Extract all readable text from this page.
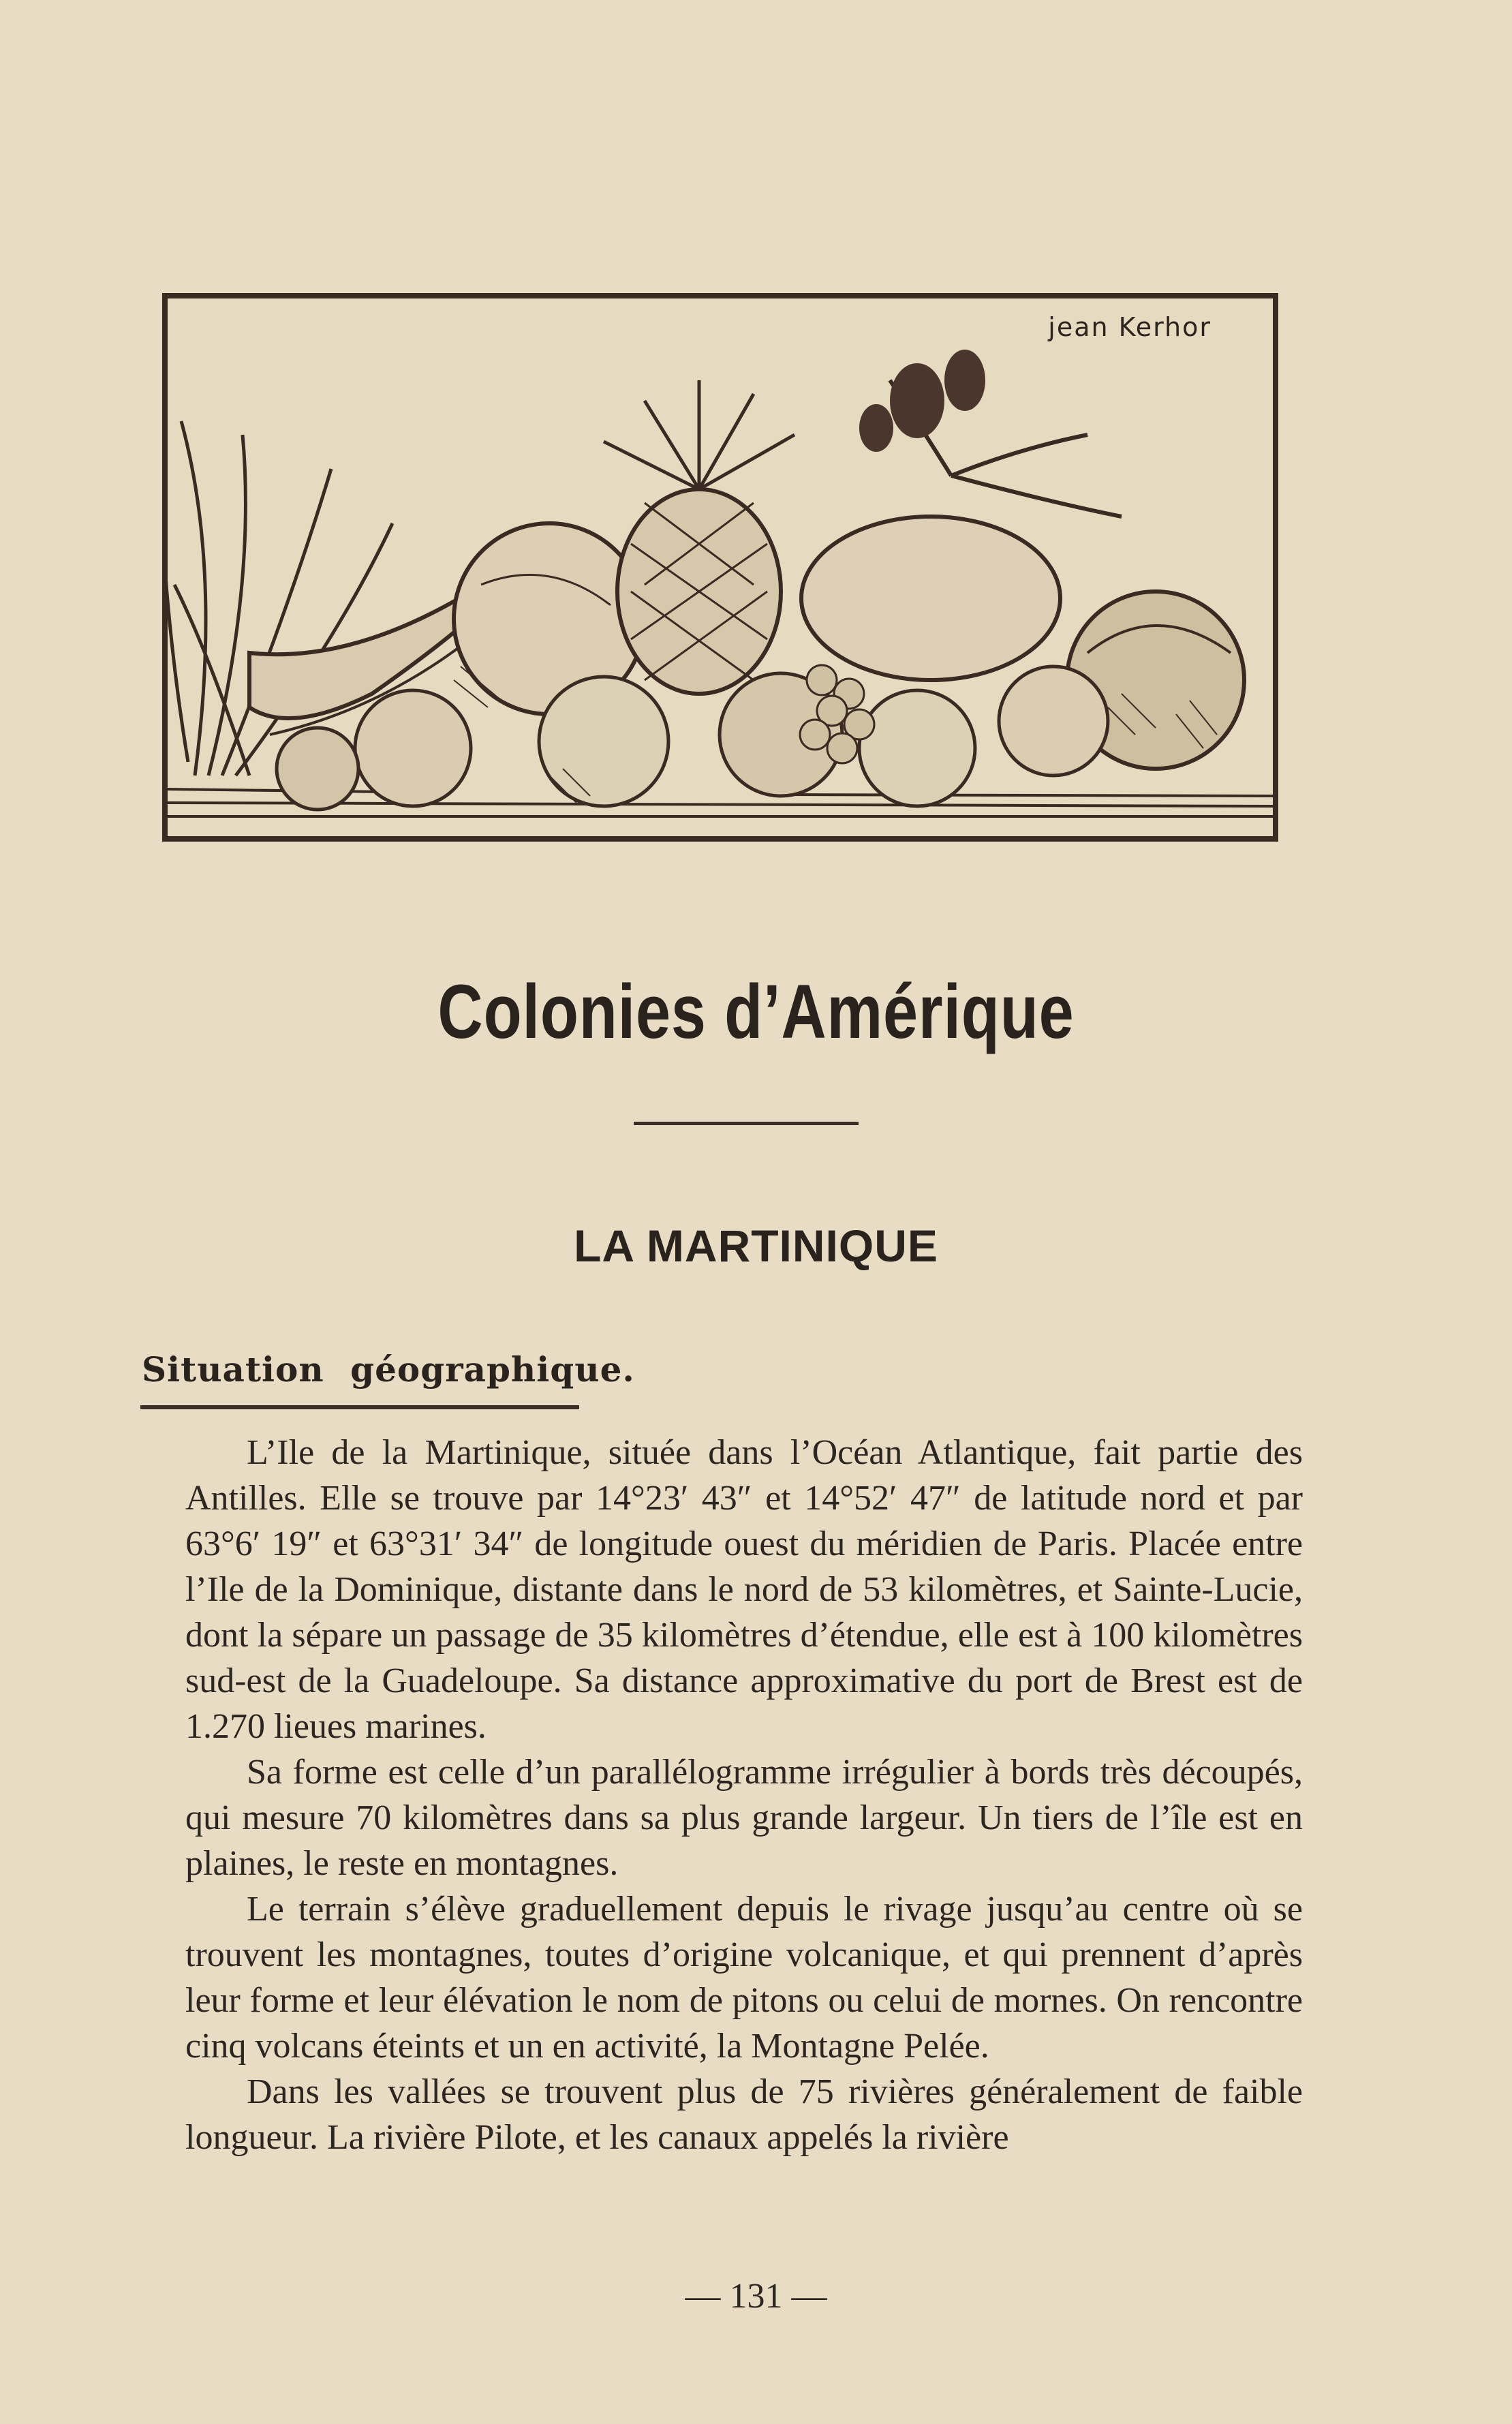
jean Kerhor
Colonies d’Amérique
LA MARTINIQUE
Situation géographique.

L’Ile de la Martinique, située dans l’Océan Atlantique, fait partie des Antilles. Elle se trouve par 14°23′ 43″ et 14°52′ 47″ de latitude nord et par 63°6′ 19″ et 63°31′ 34″ de longitude ouest du méridien de Paris. Placée entre l’Ile de la Dominique, distante dans le nord de 53 kilomètres, et Sainte-Lucie, dont la sépare un passage de 35 kilomètres d’étendue, elle est à 100 kilomètres sud-est de la Guadeloupe. Sa distance approximative du port de Brest est de 1.270 lieues marines.

Sa forme est celle d’un parallélogramme irrégulier à bords très découpés, qui mesure 70 kilomètres dans sa plus grande largeur. Un tiers de l’île est en plaines, le reste en montagnes.

Le terrain s’élève graduellement depuis le rivage jusqu’au centre où se trouvent les montagnes, toutes d’origine volcanique, et qui prennent d’après leur forme et leur élévation le nom de pitons ou celui de mornes. On rencontre cinq volcans éteints et un en activité, la Montagne Pelée.

Dans les vallées se trouvent plus de 75 rivières généralement de faible longueur. La rivière Pilote, et les canaux appelés la rivière

— 131 —
